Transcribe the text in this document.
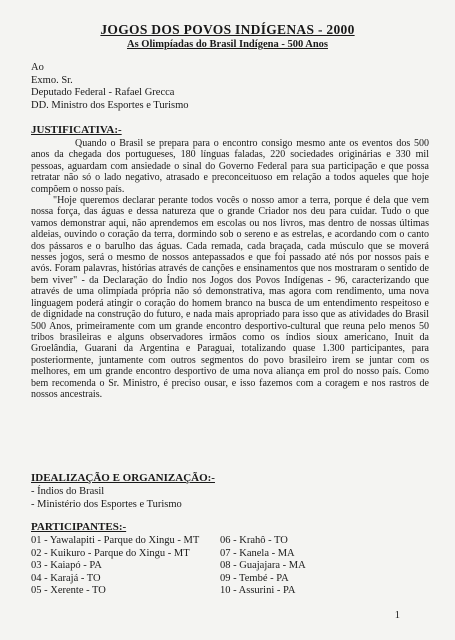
JOGOS DOS POVOS INDÍGENAS - 2000
As Olimpíadas do Brasil Indígena - 500 Anos
Ao
Exmo. Sr.
Deputado Federal - Rafael Grecca
DD. Ministro dos Esportes e Turismo
JUSTIFICATIVA:-

Quando o Brasil se prepara para o encontro consigo mesmo ante os eventos dos 500 anos da chegada dos portugueses, 180 línguas faladas, 220 sociedades originárias e 330 mil pessoas, aguardam com ansiedade o sinal do Governo Federal para sua participação e que possa retratar não só o lado negativo, atrasado e preconceituoso em relação a todos aqueles que hoje compõem o nosso país.

"Hoje queremos declarar perante todos vocês o nosso amor a terra, porque é dela que vem nossa força, das águas e dessa natureza que o grande Criador nos deu para cuidar. Tudo o que vamos demonstrar aqui, não aprendemos em escolas ou nos livros, mas dentro de nossas últimas aldeias, ouvindo o coração da terra, dormindo sob o sereno e as estrelas, e acordando com o canto dos pássaros e o barulho das águas. Cada remada, cada braçada, cada músculo que se moverá nesses jogos, será o mesmo de nossos antepassados e que foi passado até nós por nossos pais e avós. Foram palavras, histórias através de canções e ensinamentos que nos mostraram o sentido de bem viver" - da Declaração do Índio nos Jogos dos Povos Indígenas - 96, caracterizando que através de uma olimpíada própria não só demonstrativa, mas agora com rendimento, uma nova linguagem poderá atingir o coração do homem branco na busca de um entendimento respeitoso e de dignidade na construção do futuro, e nada mais apropriado para isso que as atividades do Brasil 500 Anos, primeiramente com um grande encontro desportivo-cultural que reuna pelo menos 50 tribos brasileiras e alguns observadores irmãos como os índios sioux americano, Inuit da Groelândia, Guarani da Argentina e Paraguai, totalizando quase 1.300 participantes, para posteriormente, juntamente com outros segmentos do povo brasileiro irem se juntar com os melhores, em um grande encontro desportivo de uma nova aliança em prol do nosso país. Como bem recomenda o Sr. Ministro, é preciso ousar, e isso fazemos com a coragem e nos rastros de nossos ancestrais.

IDEALIZAÇÃO E ORGANIZAÇÃO:-
- Índios do Brasil
- Ministério dos Esportes e Turismo
PARTICIPANTES:-
01 - Yawalapiti - Parque do Xingu - MT
02 - Kuikuro - Parque do Xingu - MT
03 - Kaiapó - PA
04 - Karajá - TO
05 - Xerente - TO
06 - Krahô - TO
07 - Kanela - MA
08 - Guajajara - MA
09 - Tembé - PA
10 - Assurini - PA
1
